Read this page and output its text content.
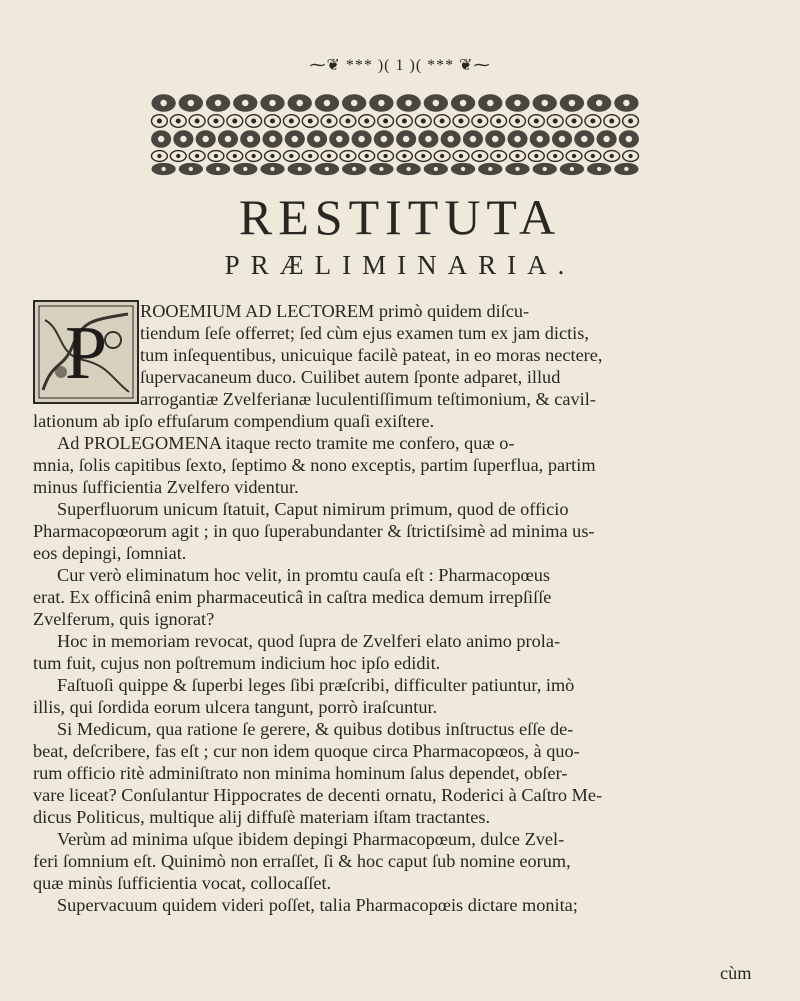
⁓❦ *** )( 1 )( *** ❦⁓
RESTITUTA
PRÆLIMINARIA.
P ROOEMIUM AD LECTOREM primò quidem diſcu-
tiendum ſeſe offerret; ſed cùm ejus examen tum ex jam dictis,
tum inſequentibus, unicuique facilè pateat, in eo moras nectere,
ſupervacaneum duco. Cuilibet autem ſponte adparet, illud
arrogantiæ Zvelferianæ luculentiſſimum teſtimonium, & cavil-
lationum ab ipſo effuſarum compendium quaſi exiſtere.
Ad PROLEGOMENA itaque recto tramite me confero, quæ o-
mnia, ſolis capitibus ſexto, ſeptimo & nono exceptis, partim ſuperflua, partim
minus ſufficientia Zvelfero videntur.
Superfluorum unicum ſtatuit, Caput nimirum primum, quod de officio
Pharmacopœorum agit ; in quo ſuperabundanter & ſtrictiſsimè ad minima us-
eos depingi, ſomniat.
Cur verò eliminatum hoc velit, in promtu cauſa eſt : Pharmacopœus
erat. Ex officinâ enim pharmaceuticâ in caſtra medica demum irrepſiſſe
Zvelferum, quis ignorat?
Hoc in memoriam revocat, quod ſupra de Zvelferi elato animo prola-
tum fuit, cujus non poſtremum indicium hoc ipſo edidit.
Faſtuoſi quippe & ſuperbi leges ſibi præſcribi, difficulter patiuntur, imò
illis, qui ſordida eorum ulcera tangunt, porrò iraſcuntur.
Si Medicum, qua ratione ſe gerere, & quibus dotibus inſtructus eſſe de-
beat, deſcribere, fas eſt ; cur non idem quoque circa Pharmacopœos, à quo-
rum officio ritè adminiſtrato non minima hominum ſalus dependet, obſer-
vare liceat? Conſulantur Hippocrates de decenti ornatu, Roderici à Caſtro Me-
dicus Politicus, multique alij diffuſè materiam iſtam tractantes.
Verùm ad minima uſque ibidem depingi Pharmacopœum, dulce Zvel-
feri ſomnium eſt. Quinimò non erraſſet, ſi & hoc caput ſub nomine eorum,
quæ minùs ſufficientia vocat, collocaſſet.
Supervacuum quidem videri poſſet, talia Pharmacopœis dictare monita;
cùm
